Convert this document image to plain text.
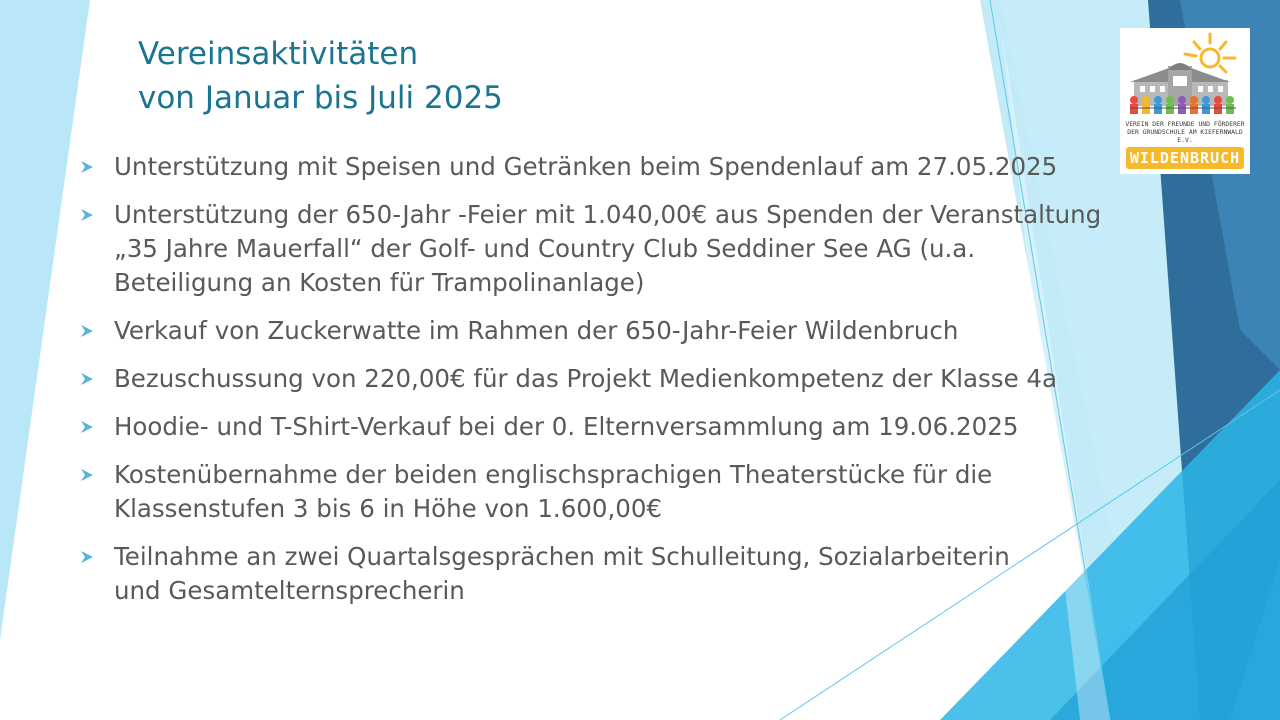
Vereinsaktivitäten
von Januar bis Juli 2025
Unterstützung mit Speisen und Getränken beim Spendenlauf am 27.05.2025
Unterstützung der 650-Jahr -Feier mit 1.040,00€ aus Spenden der Veranstaltung
„35 Jahre Mauerfall“ der Golf- und Country Club Seddiner See AG (u.a.
Beteiligung an Kosten für Trampolinanlage)
Verkauf von Zuckerwatte im Rahmen der 650-Jahr-Feier Wildenbruch
Bezuschussung von 220,00€ für das Projekt Medienkompetenz der Klasse 4a
Hoodie- und T-Shirt-Verkauf bei der 0. Elternversammlung am 19.06.2025
Kostenübernahme der beiden englischsprachigen Theaterstücke für die
Klassenstufen 3 bis 6 in Höhe von 1.600,00€
Teilnahme an zwei Quartalsgesprächen mit Schulleitung, Sozialarbeiterin
und Gesamtelternsprecherin
VEREIN DER FREUNDE UND FÖRDERER
DER GRUNDSCHULE AM KIEFERNWALD E.V.
WILDENBRUCH
